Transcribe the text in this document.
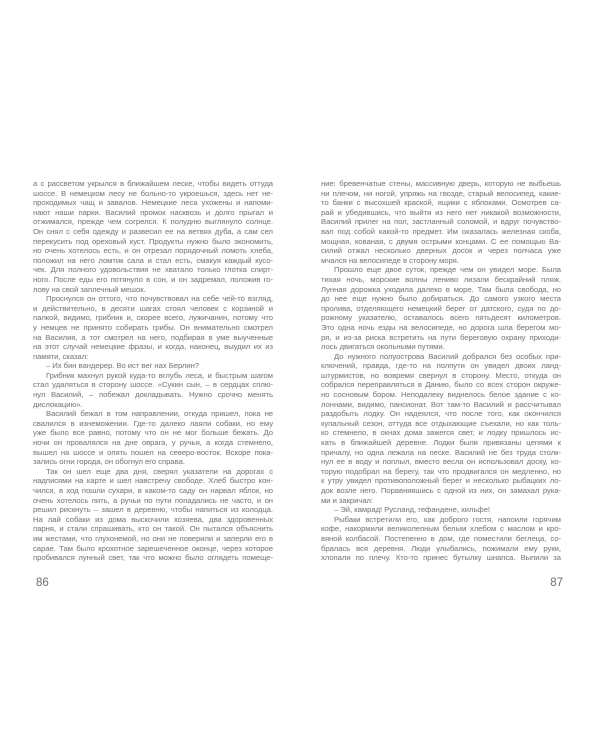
а с рассветом укрылся в ближайшем леске, чтобы видеть оттуда
шоссе. В немецком лесу не больно-то укроешься, здесь нет не-
проходимых чащ и завалов. Немецкие леса ухожены и напоми-
нают наши парки. Василий промок насквозь и долго прыгал и
отжимался, прежде чем согрелся. К полудню выглянуло солнце.
Он снял с себя одежду и развесил ее на ветвях дуба, а сам сел
перекусить под ореховый куст. Продукты нужно было экономить,
но очень хотелось есть, и он отрезал порядочный ломоть хлеба,
положил на него ломтик сала и стал есть, смакуя каждый кусо-
чек. Для полного удовольствия не хватало только глотка спирт-
ного. После еды его потянуло в сон, и он задремал, положив го-
лову на свой заплечный мешок.
Проснулся он оттого, что почувствовал на себе чей-то взгляд,
и действительно, в десяти шагах стоял человек с корзиной и
палкой, видимо, грибник и, скорее всего, лужичанин, потому что
у немцев не принято собирать грибы. Он внимательно смотрел
на Василия, а тот смотрел на него, подбирая в уме выученные
на этот случай немецкие фразы, и когда, наконец, выудил их из
памяти, сказал:
– Их бин вандерер. Во ист вег нах Берлин?
Грибник махнул рукой куда-то вглубь леса, и быстрым шагом
стал удаляться в сторону шоссе. «Сукин сын, – в сердцах сплю-
нул Василий, – побежал докладывать. Нужно срочно менять
дислокацию».
Василий бежал в том направлении, откуда пришел, пока не
свалился в изнеможении. Где-то далеко лаяли собаки, но ему
уже было все равно, потому что он не мог больше бежать. До
ночи он провалялся на дне оврага, у ручья, а когда стемнело,
вышел на шоссе и опять пошел на северо-восток. Вскоре пока-
зались огни города, он обогнул его справа.
Так он шел еще два дня, сверял указатели на дорогах с
надписями на карте и шел навстречу свободе. Хлеб быстро кон-
чился, в ход пошли сухари, в каком-то саду он нарвал яблок, но
очень хотелось пить, а ручьи по пути попадались не часто, и он
решил рискнуть – зашел в деревню, чтобы напиться из колодца.
На лай собаки из дома выскочили хозяева, два здоровенных
парня, и стали спрашивать, кто он такой. Он пытался объяснить
им жестами, что глухонемой, но они не поверили и заперли его в
сарае. Там было крохотное зарешеченное оконце, через которое
пробивался лунный свет, так что можно было оглядеть помеще-
ние: бревенчатые стены, массивную дверь, которую не выбьешь
ни плечом, ни ногой, упряжь на гвозде, старый велосипед, какие-
то банки с высохшей краской, ящики с яблоками. Осмотрев са-
рай и убедившись, что выйти из него нет никакой возможности,
Василий прилег на пол, застланный соломой, и вдруг почувство-
вал под собой какой-то предмет. Им оказалась железная скоба,
мощная, кованая, с двумя острыми концами. С ее помощью Ва-
силий отжал несколько дверных досок и через полчаса уже
мчался на велосипеде в сторону моря.
Прошло еще двое суток, прежде чем он увидел море. Была
тихая ночь, морские волны лениво лизали бескрайний пляж.
Лунная дорожка уходила далеко в море. Там была свобода, но
до нее еще нужно было добираться. До самого узкого места
пролива, отделяющего немецкий берег от датского, судя по до-
рожному указателю, оставалось всего пятьдесят километров.
Это одна ночь езды на велосипеде, но дорога шла берегом мо-
ря, и из-за риска встретить на пути береговую охрану приходи-
лось двигаться окольными путями.
До нужного полуострова Василий добрался без особых при-
ключений, правда, где-то на полпути он увидел двоих ланд-
штурмистов, но вовремя свернул в сторону. Место, откуда он
собрался переправляться в Данию, было со всех сторон окруже-
но сосновым бором. Неподалеку виднелось белое здание с ко-
лоннами, видимо, пансионат. Вот там-то Василий и рассчитывал
раздобыть лодку. Он надеялся, что после того, как окончился
купальный сезон, оттуда все отдыхающие съехали, но как толь-
ко стемнело, в окнах дома зажегся свет, и лодку пришлось ис-
кать в ближайшей деревне. Лодки были привязаны цепями к
причалу, но одна лежала на песке. Василий не без труда столк-
нул ее в воду и поплыл, вместо весла он использовал доску, ко-
торую подобрал на берегу, так что продвигался он медленно, но
к утру увидел противоположный берег и несколько рыбацких ло-
док возле него. Поравнявшись с одной из них, он замахал рука-
ми и закричал:
– Эй, камрад! Русланд, гефандене, хильфе!
Рыбаки встретили его, как доброго гостя, напоили горячим
кофе, накормили великолепным белым хлебом с маслом и кро-
вяной колбасой. Постепенно в дом, где поместили беглеца, со-
бралась вся деревня. Люди улыбались, пожимали ему руки,
хлопали по плечу. Кто-то принес бутылку шнапса. Выпили за
86	87
